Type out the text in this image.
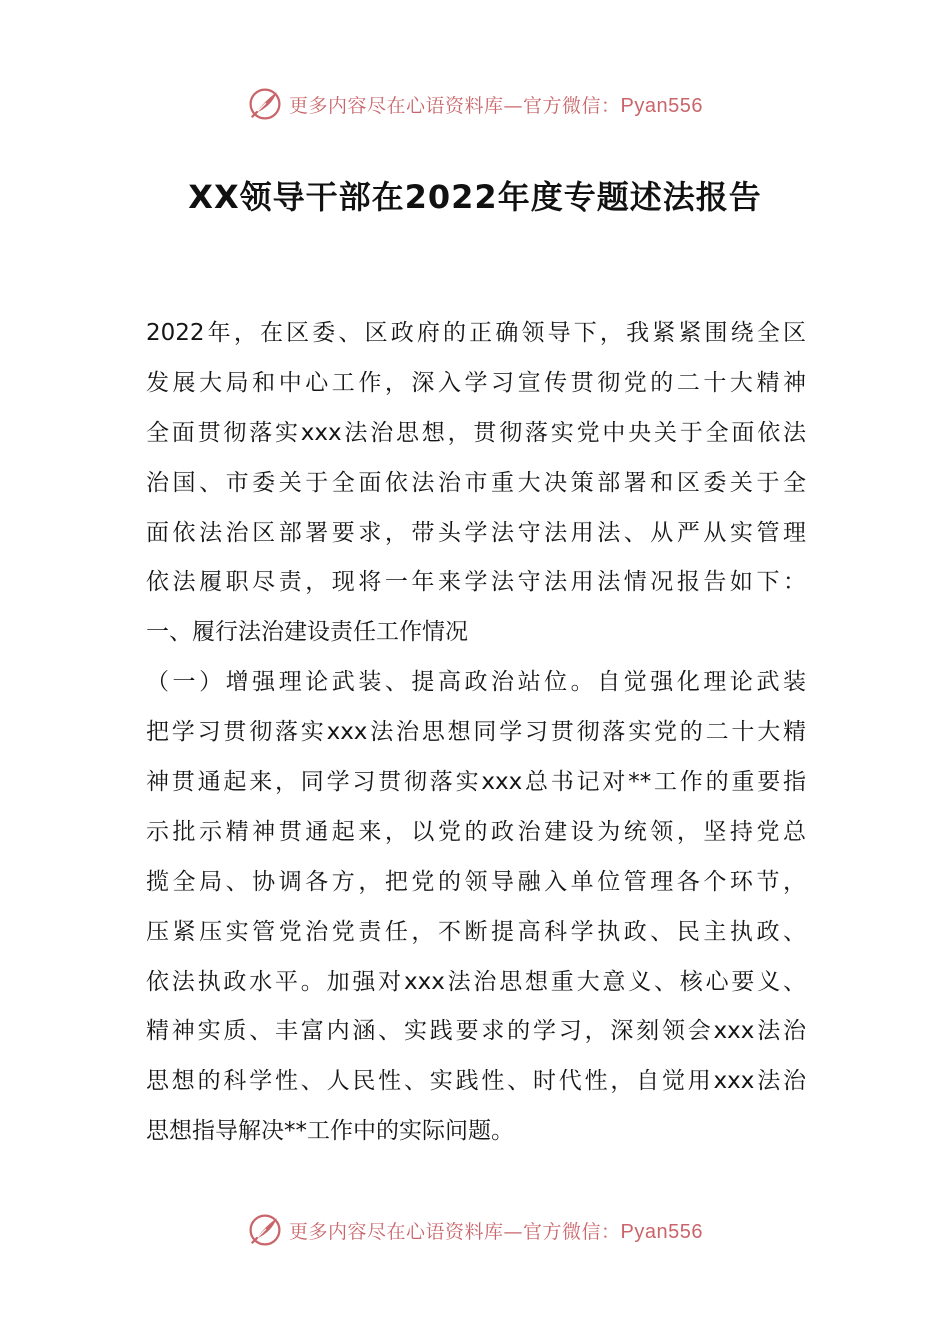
更多内容尽在心语资料库—官方微信：Pyan556
XX领导干部在2022年度专题述法报告
2022年，在区委、区政府的正确领导下，我紧紧围绕全区
发展大局和中心工作，深入学习宣传贯彻党的二十大精神
全面贯彻落实xxx法治思想，贯彻落实党中央关于全面依法
治国、市委关于全面依法治市重大决策部署和区委关于全
面依法治区部署要求，带头学法守法用法、从严从实管理
依法履职尽责，现将一年来学法守法用法情况报告如下：
一、履行法治建设责任工作情况
（一）增强理论武装、提高政治站位。自觉强化理论武装
把学习贯彻落实xxx法治思想同学习贯彻落实党的二十大精
神贯通起来，同学习贯彻落实xxx总书记对**工作的重要指
示批示精神贯通起来，以党的政治建设为统领，坚持党总
揽全局、协调各方，把党的领导融入单位管理各个环节，
压紧压实管党治党责任，不断提高科学执政、民主执政、
依法执政水平。加强对xxx法治思想重大意义、核心要义、
精神实质、丰富内涵、实践要求的学习，深刻领会xxx法治
思想的科学性、人民性、实践性、时代性，自觉用xxx法治
思想指导解决**工作中的实际问题。
更多内容尽在心语资料库—官方微信：Pyan556
